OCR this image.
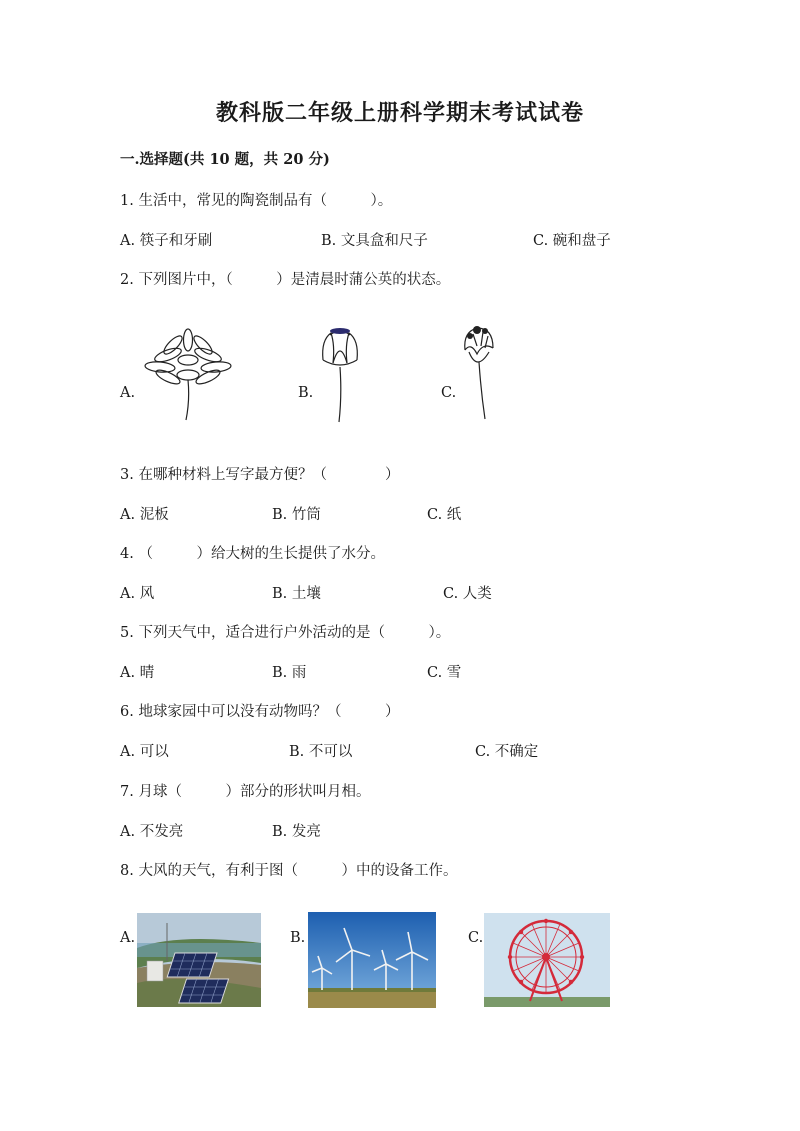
教科版二年级上册科学期末考试试卷
一.选择题(共 10 题，共 20 分)
1. 生活中，常见的陶瓷制品有（　　　）。
A. 筷子和牙刷	B. 文具盒和尺子	C. 碗和盘子
2. 下列图片中，（　　　）是清晨时蒲公英的状态。
A.	B.	C.
3. 在哪种材料上写字最方便？（　　　　）
A. 泥板	B. 竹筒	C. 纸
4. （　　　）给大树的生长提供了水分。
A. 风	B. 土壤	C. 人类
5. 下列天气中，适合进行户外活动的是（　　　）。
A. 晴	B. 雨	C. 雪
6. 地球家园中可以没有动物吗？（　　　）
A. 可以	B. 不可以	C. 不确定
7. 月球（　　　）部分的形状叫月相。
A. 不发亮	B. 发亮
8. 大风的天气，有利于图（　　　）中的设备工作。
A.	B.	C.
